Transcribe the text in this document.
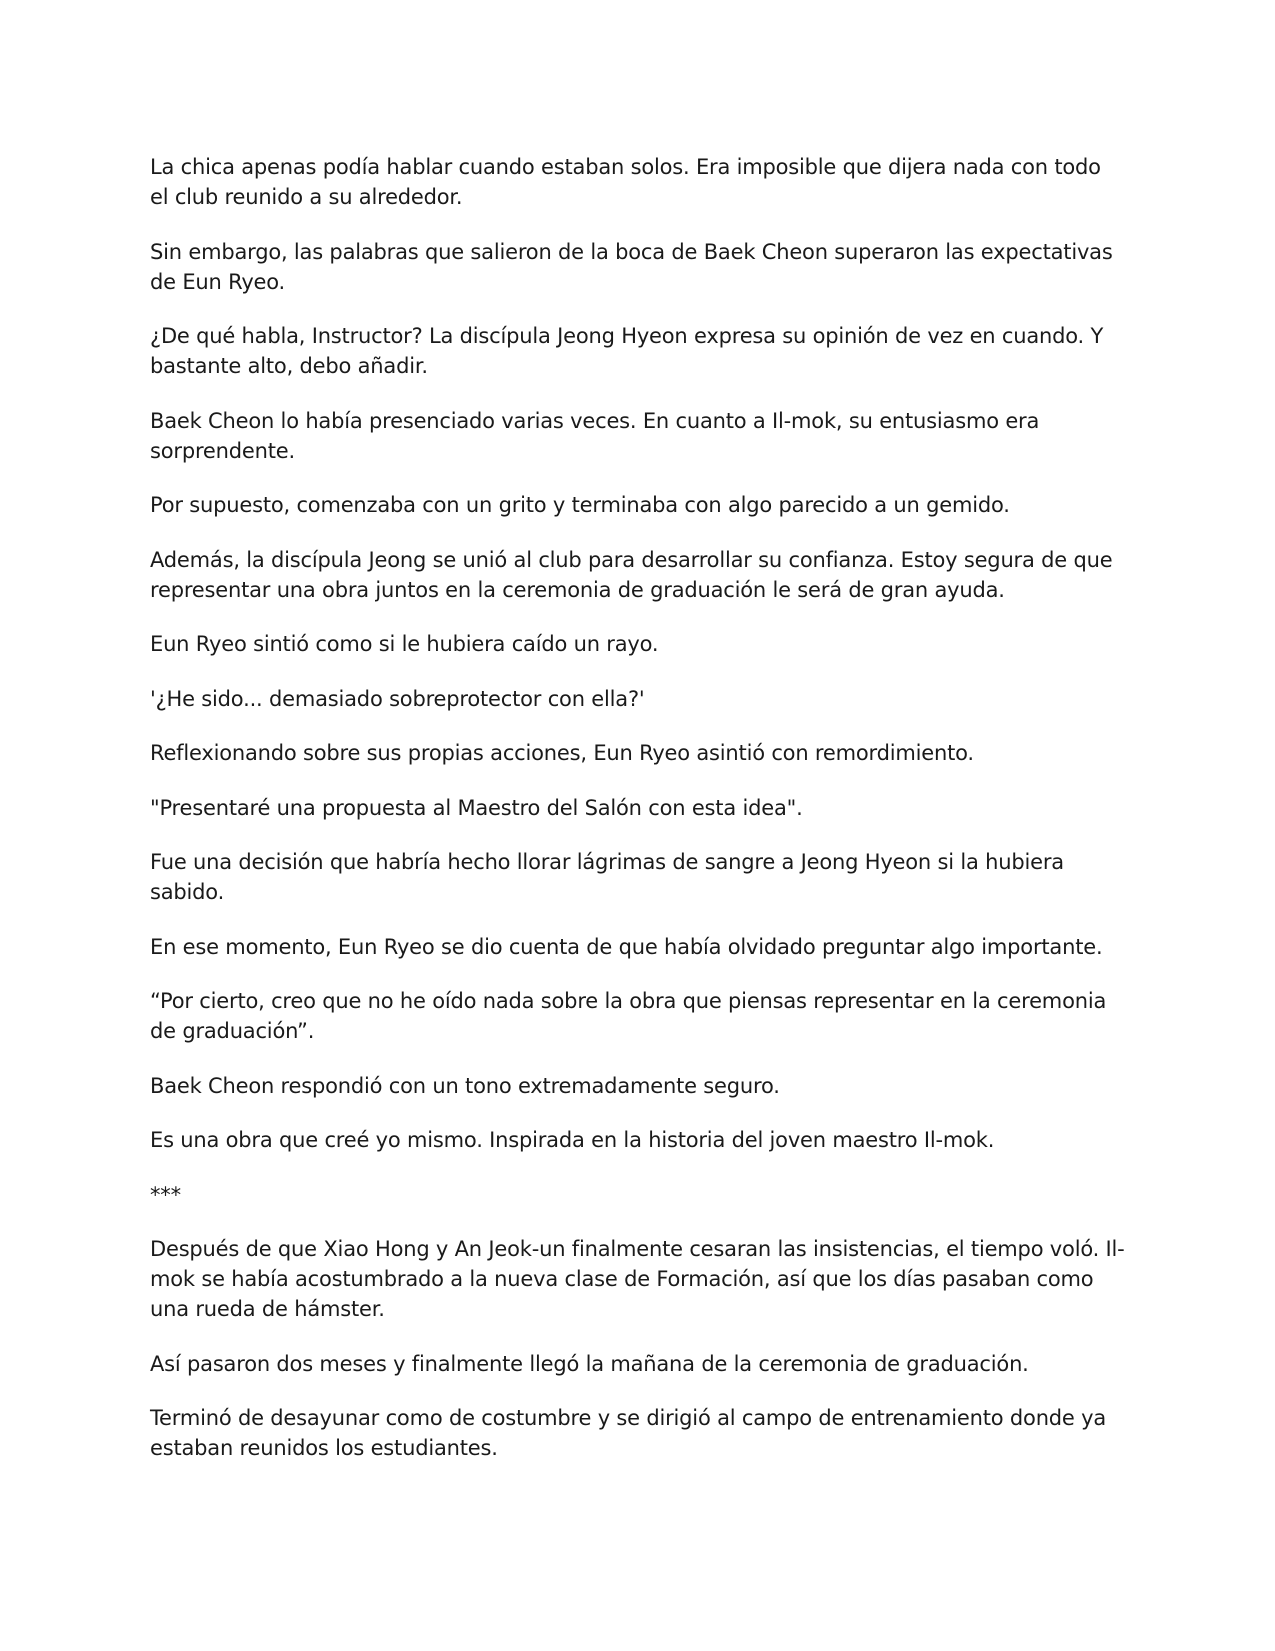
La chica apenas podía hablar cuando estaban solos. Era imposible que dijera nada con todo el club reunido a su alrededor.

Sin embargo, las palabras que salieron de la boca de Baek Cheon superaron las expectativas de Eun Ryeo.

¿De qué habla, Instructor? La discípula Jeong Hyeon expresa su opinión de vez en cuando. Y bastante alto, debo añadir.

Baek Cheon lo había presenciado varias veces. En cuanto a Il-mok, su entusiasmo era sorprendente.

Por supuesto, comenzaba con un grito y terminaba con algo parecido a un gemido.

Además, la discípula Jeong se unió al club para desarrollar su confianza. Estoy segura de que representar una obra juntos en la ceremonia de graduación le será de gran ayuda.

Eun Ryeo sintió como si le hubiera caído un rayo.

'¿He sido... demasiado sobreprotector con ella?'

Reflexionando sobre sus propias acciones, Eun Ryeo asintió con remordimiento.

"Presentaré una propuesta al Maestro del Salón con esta idea".

Fue una decisión que habría hecho llorar lágrimas de sangre a Jeong Hyeon si la hubiera sabido.

En ese momento, Eun Ryeo se dio cuenta de que había olvidado preguntar algo importante.

“Por cierto, creo que no he oído nada sobre la obra que piensas representar en la ceremonia de graduación”.

Baek Cheon respondió con un tono extremadamente seguro.

Es una obra que creé yo mismo. Inspirada en la historia del joven maestro Il-mok.

***

Después de que Xiao Hong y An Jeok-un finalmente cesaran las insistencias, el tiempo voló. Il-mok se había acostumbrado a la nueva clase de Formación, así que los días pasaban como una rueda de hámster.

Así pasaron dos meses y finalmente llegó la mañana de la ceremonia de graduación.

Terminó de desayunar como de costumbre y se dirigió al campo de entrenamiento donde ya estaban reunidos los estudiantes.
